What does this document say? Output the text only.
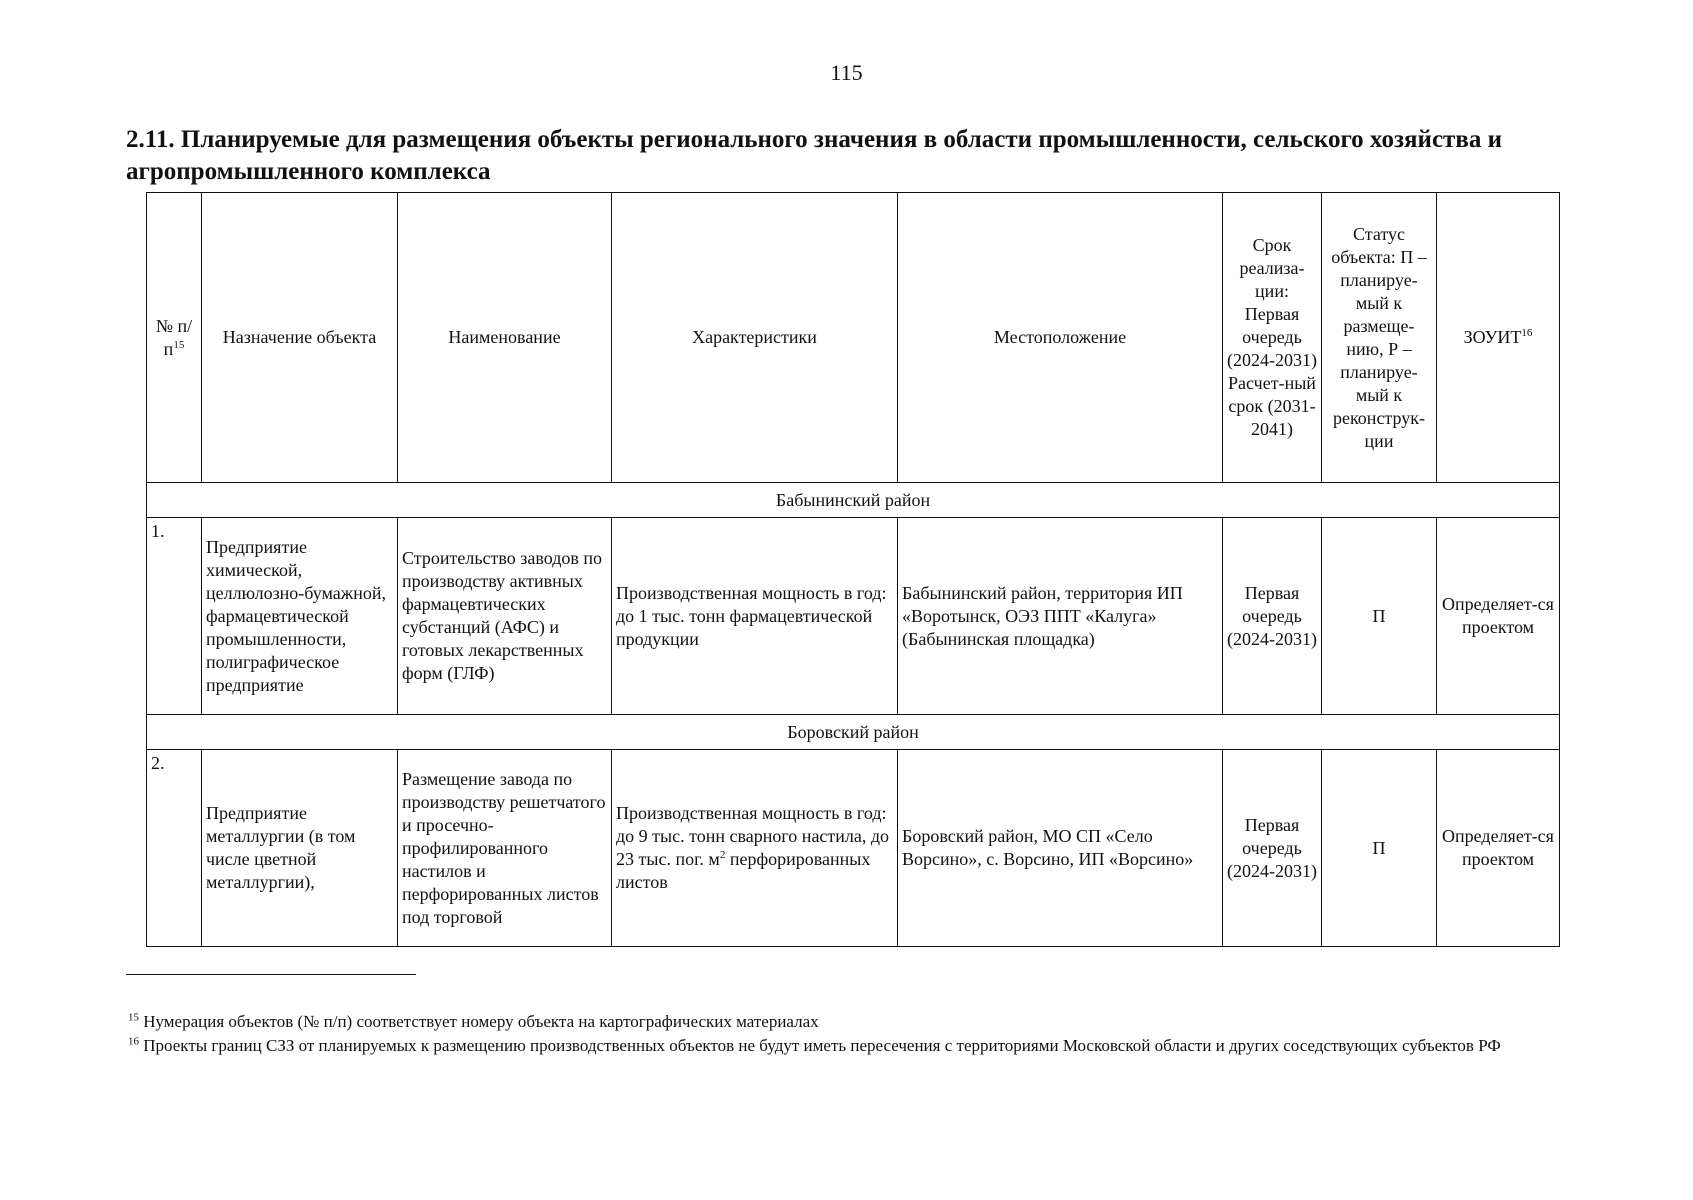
115
2.11. Планируемые для размещения объекты регионального значения в области промышленности, сельского хозяйства и агропромышленного комплекса
№ $п/п^{15}$	Назначение объекта	Наименование	Характеристики	Местоположение	Срок реализа-ции: Первая очередь (2024-2031) Расчет-ный срок (2031-2041)	Статус объекта: П – планируе-мый к размеще-нию, Р – планируе-мый к реконструк-ции	ЗОУИТ$^{16}$
Бабынинский район							
1.	Предприятие химической, целлюлозно-бумажной, фармацевтической промышленности, полиграфическое предприятие	Строительство заводов по производству активных фармацевтических субстанций (АФС) и готовых лекарственных форм (ГЛФ)	Производственная мощность в год: до 1 тыс. тонн фармацевтической продукции	Бабынинский район, территория ИП «Воротынск, ОЭЗ ППТ «Калуга» (Бабынинская площадка)	Первая очередь (2024-2031)	П	Определяет-ся проектом
Боровский район							
2.	Предприятие металлургии (в том числе цветной металлургии),	Размещение завода по производству решетчатого и просечно-профилированного настилов и перфорированных листов под торговой	Производственная мощность в год: до 9 тыс. тонн сварного настила, до 23 тыс. пог. $м^2$ перфорированных листов	Боровский район, МО СП «Село Ворсино», с. Ворсино, ИП «Ворсино»	Первая очередь (2024-2031)	П	Определяет-ся проектом

$^{15}$ Нумерация объектов (№ п/п) соответствует номеру объекта на картографических материалах

$^{16}$ Проекты границ СЗЗ от планируемых к размещению производственных объектов не будут иметь пересечения с территориями Московской области и других соседствующих субъектов РФ
